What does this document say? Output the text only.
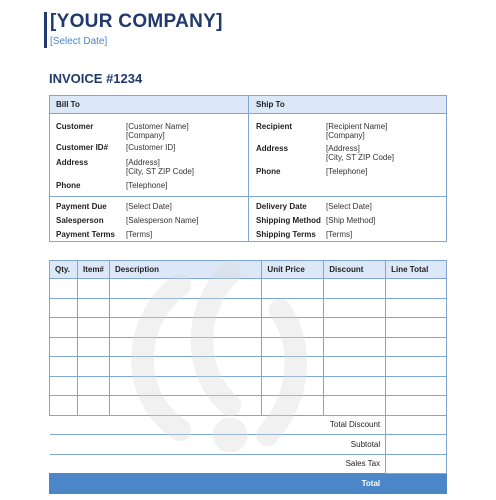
[YOUR COMPANY]
[Select Date]
INVOICE #1234
Bill To	Ship To
Customer	[Customer Name]
[Company]
Customer ID# [Customer ID]
Address	[Address]
[City, ST ZIP Code]
Phone	[Telephone]
Recipient	[Recipient Name]
[Company]
Address	[Address]
[City, ST ZIP Code]
Phone	[Telephone]
Payment Due [Select Date]
Salesperson	[Salesperson Name]
Payment Terms [Terms]
Delivery Date [Select Date]
Shipping Method [Ship Method]
Shipping Terms [Terms]
Qty.	Item#	Description	Unit Price	Discount	Line Total

Total Discount					
Subtotal					
Sales Tax					
Total					
